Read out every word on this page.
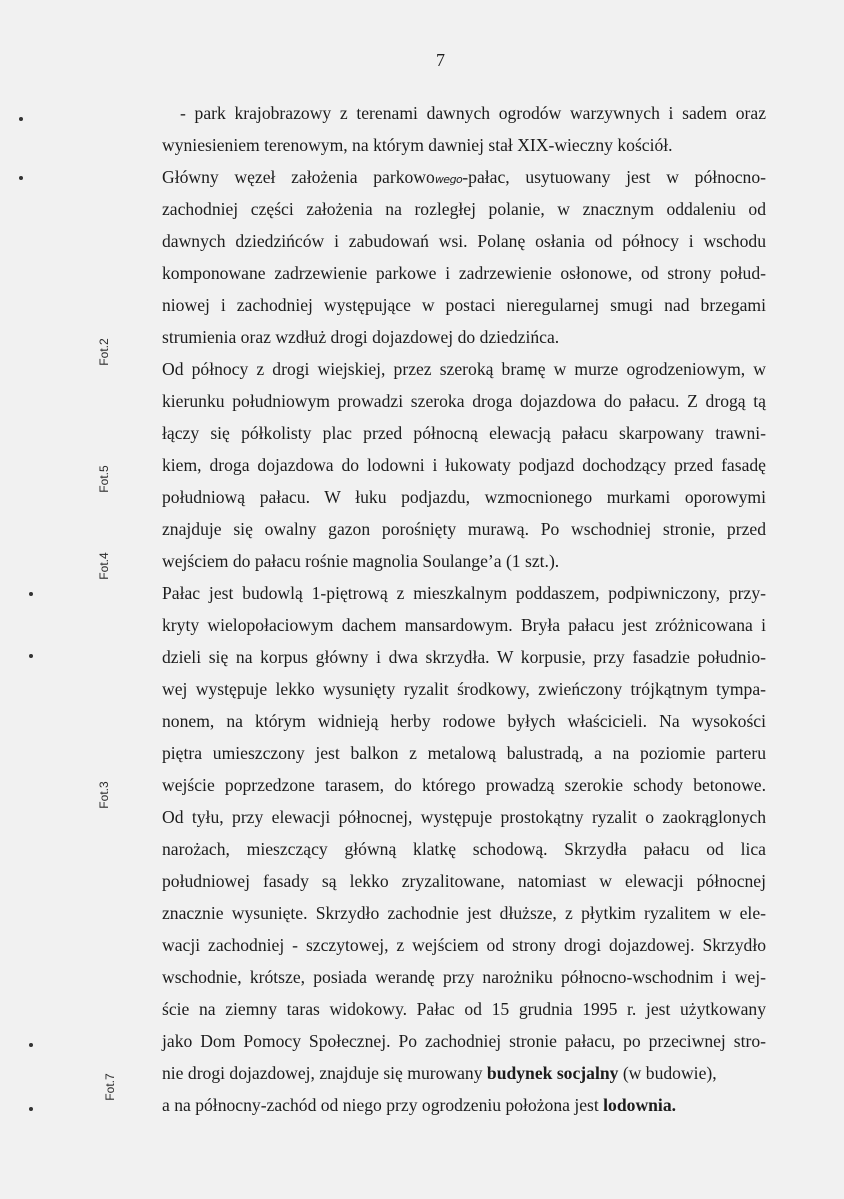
7
Fot.2
Fot.5
Fot.4
Fot.3
Fot.7
- park krajobrazowy z terenami dawnych ogrodów warzywnych i sadem oraz
wyniesieniem terenowym, na którym dawniej stał XIX-wieczny kościół.
Główny węzeł założenia parkowowego-pałac, usytuowany jest w północno-
zachodniej części założenia na rozległej polanie, w znacznym oddaleniu od
dawnych dziedzińców i zabudowań wsi. Polanę osłania od północy i wschodu
komponowane zadrzewienie parkowe i zadrzewienie osłonowe, od strony połud-
niowej i zachodniej występujące w postaci nieregularnej smugi nad brzegami
strumienia oraz wzdłuż drogi dojazdowej do dziedzińca.
Od północy z drogi wiejskiej, przez szeroką bramę w murze ogrodzeniowym, w
kierunku południowym prowadzi szeroka droga dojazdowa do pałacu. Z drogą tą
łączy się półkolisty plac przed północną elewacją pałacu skarpowany trawni-
kiem, droga dojazdowa do lodowni i łukowaty podjazd dochodzący przed fasadę
południową pałacu. W łuku podjazdu, wzmocnionego murkami oporowymi
znajduje się owalny gazon porośnięty murawą. Po wschodniej stronie, przed
wejściem do pałacu rośnie magnolia Soulange’a (1 szt.).
Pałac jest budowlą 1-piętrową z mieszkalnym poddaszem, podpiwniczony, przy-
kryty wielopołaciowym dachem mansardowym. Bryła pałacu jest zróżnicowana i
dzieli się na korpus główny i dwa skrzydła. W korpusie, przy fasadzie południo-
wej występuje lekko wysunięty ryzalit środkowy, zwieńczony trójkątnym tympa-
nonem, na którym widnieją herby rodowe byłych właścicieli. Na wysokości
piętra umieszczony jest balkon z metalową balustradą, a na poziomie parteru
wejście poprzedzone tarasem, do którego prowadzą szerokie schody betonowe.
Od tyłu, przy elewacji północnej, występuje prostokątny ryzalit o zaokrąglonych
narożach, mieszczący główną klatkę schodową. Skrzydła pałacu od lica
południowej fasady są lekko zryzalitowane, natomiast w elewacji północnej
znacznie wysunięte. Skrzydło zachodnie jest dłuższe, z płytkim ryzalitem w ele-
wacji zachodniej - szczytowej, z wejściem od strony drogi dojazdowej. Skrzydło
wschodnie, krótsze, posiada werandę przy narożniku północno-wschodnim i wej-
ście na ziemny taras widokowy. Pałac od 15 grudnia 1995 r. jest użytkowany
jako Dom Pomocy Społecznej. Po zachodniej stronie pałacu, po przeciwnej stro-
nie drogi dojazdowej, znajduje się murowany budynek socjalny (w budowie),
a na północny-zachód od niego przy ogrodzeniu położona jest lodownia.
